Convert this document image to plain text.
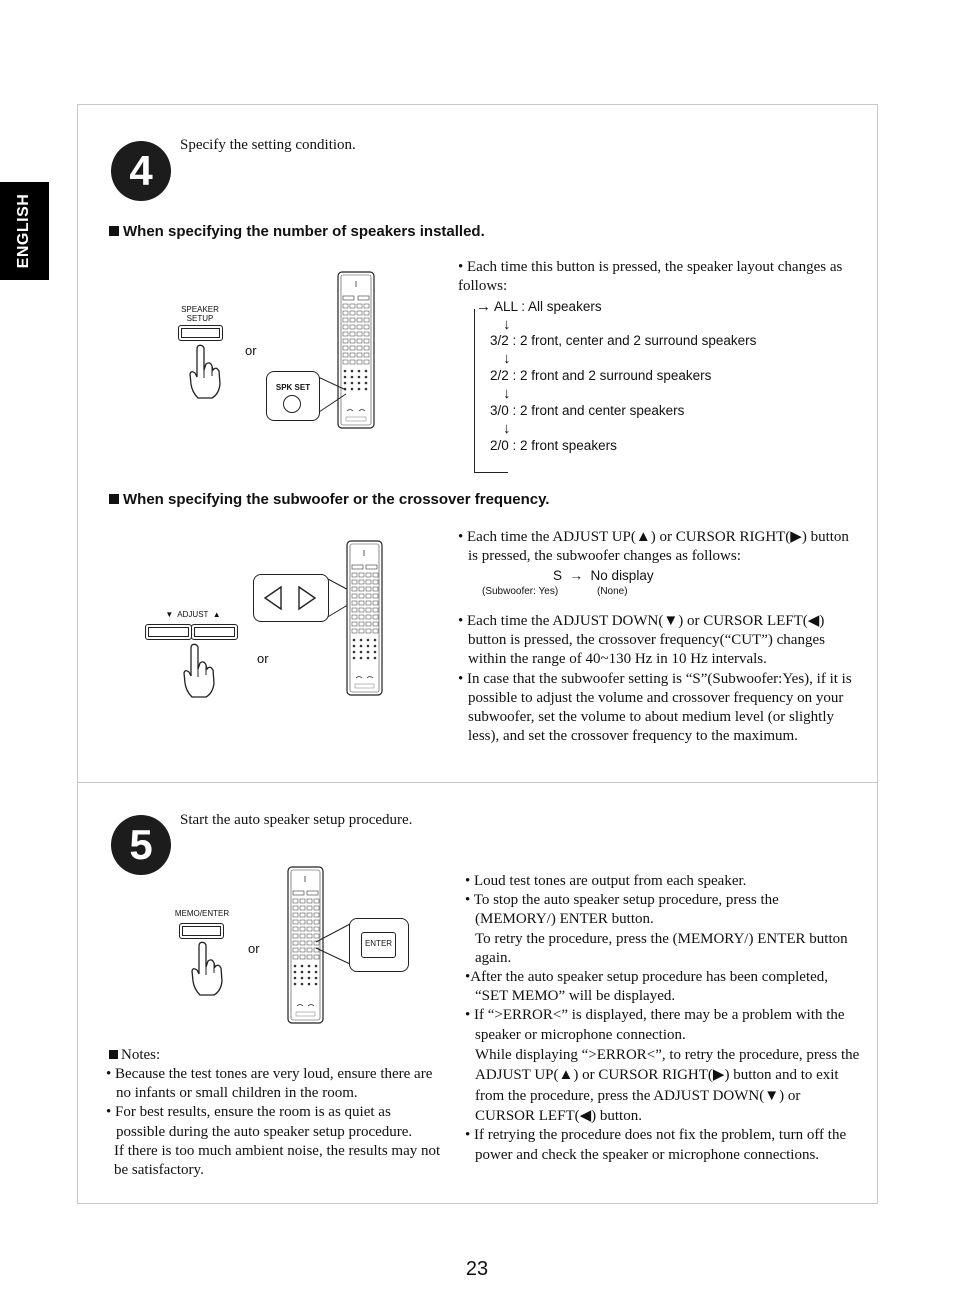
ENGLISH
4
Specify the setting condition.
When specifying the number of speakers installed.
SPEAKER
SETUP
or
SPK SET
• Each time this button is pressed, the speaker layout changes as follows:
→ ALL : All speakers
↓
3/2 : 2 front, center and 2 surround speakers
↓
2/2 : 2 front and 2 surround speakers
↓
3/0 : 2 front and center speakers
↓
2/0 : 2 front speakers
When specifying the subwoofer or the crossover frequency.
▼ ADJUST ▲
or
• Each time the ADJUST UP(▲) or CURSOR RIGHT(▶) button is pressed, the subwoofer changes as follows:
S → No display
(Subwoofer: Yes)	(None)
• Each time the ADJUST DOWN(▼) or CURSOR LEFT(◀) button is pressed, the crossover frequency(“CUT”) changes within the range of 40~130 Hz in 10 Hz intervals.
• In case that the subwoofer setting is “S”(Subwoofer:Yes), if it is possible to adjust the volume and crossover frequency on your subwoofer, set the volume to about medium level (or slightly less), and set the crossover frequency to the maximum.
5
Start the auto speaker setup procedure.
MEMO/ENTER
or	ENTER
• Loud test tones are output from each speaker.
• To stop the auto speaker setup procedure, press the (MEMORY/) ENTER button.
To retry the procedure, press the (MEMORY/) ENTER button again.
•After the auto speaker setup procedure has been completed, “SET MEMO” will be displayed.
• If “>ERROR<” is displayed, there may be a problem with the speaker or microphone connection.
While displaying “>ERROR<”, to retry the procedure, press the ADJUST UP(▲) or CURSOR RIGHT(▶) button and to exit from the procedure, press the ADJUST DOWN(▼) or CURSOR LEFT(◀) button.
• If retrying the procedure does not fix the problem, turn off the power and check the speaker or microphone connections.
Notes:
• Because the test tones are very loud, ensure there are no infants or small children in the room.
• For best results, ensure the room is as quiet as possible during the auto speaker setup procedure.
If there is too much ambient noise, the results may not be satisfactory.
23
